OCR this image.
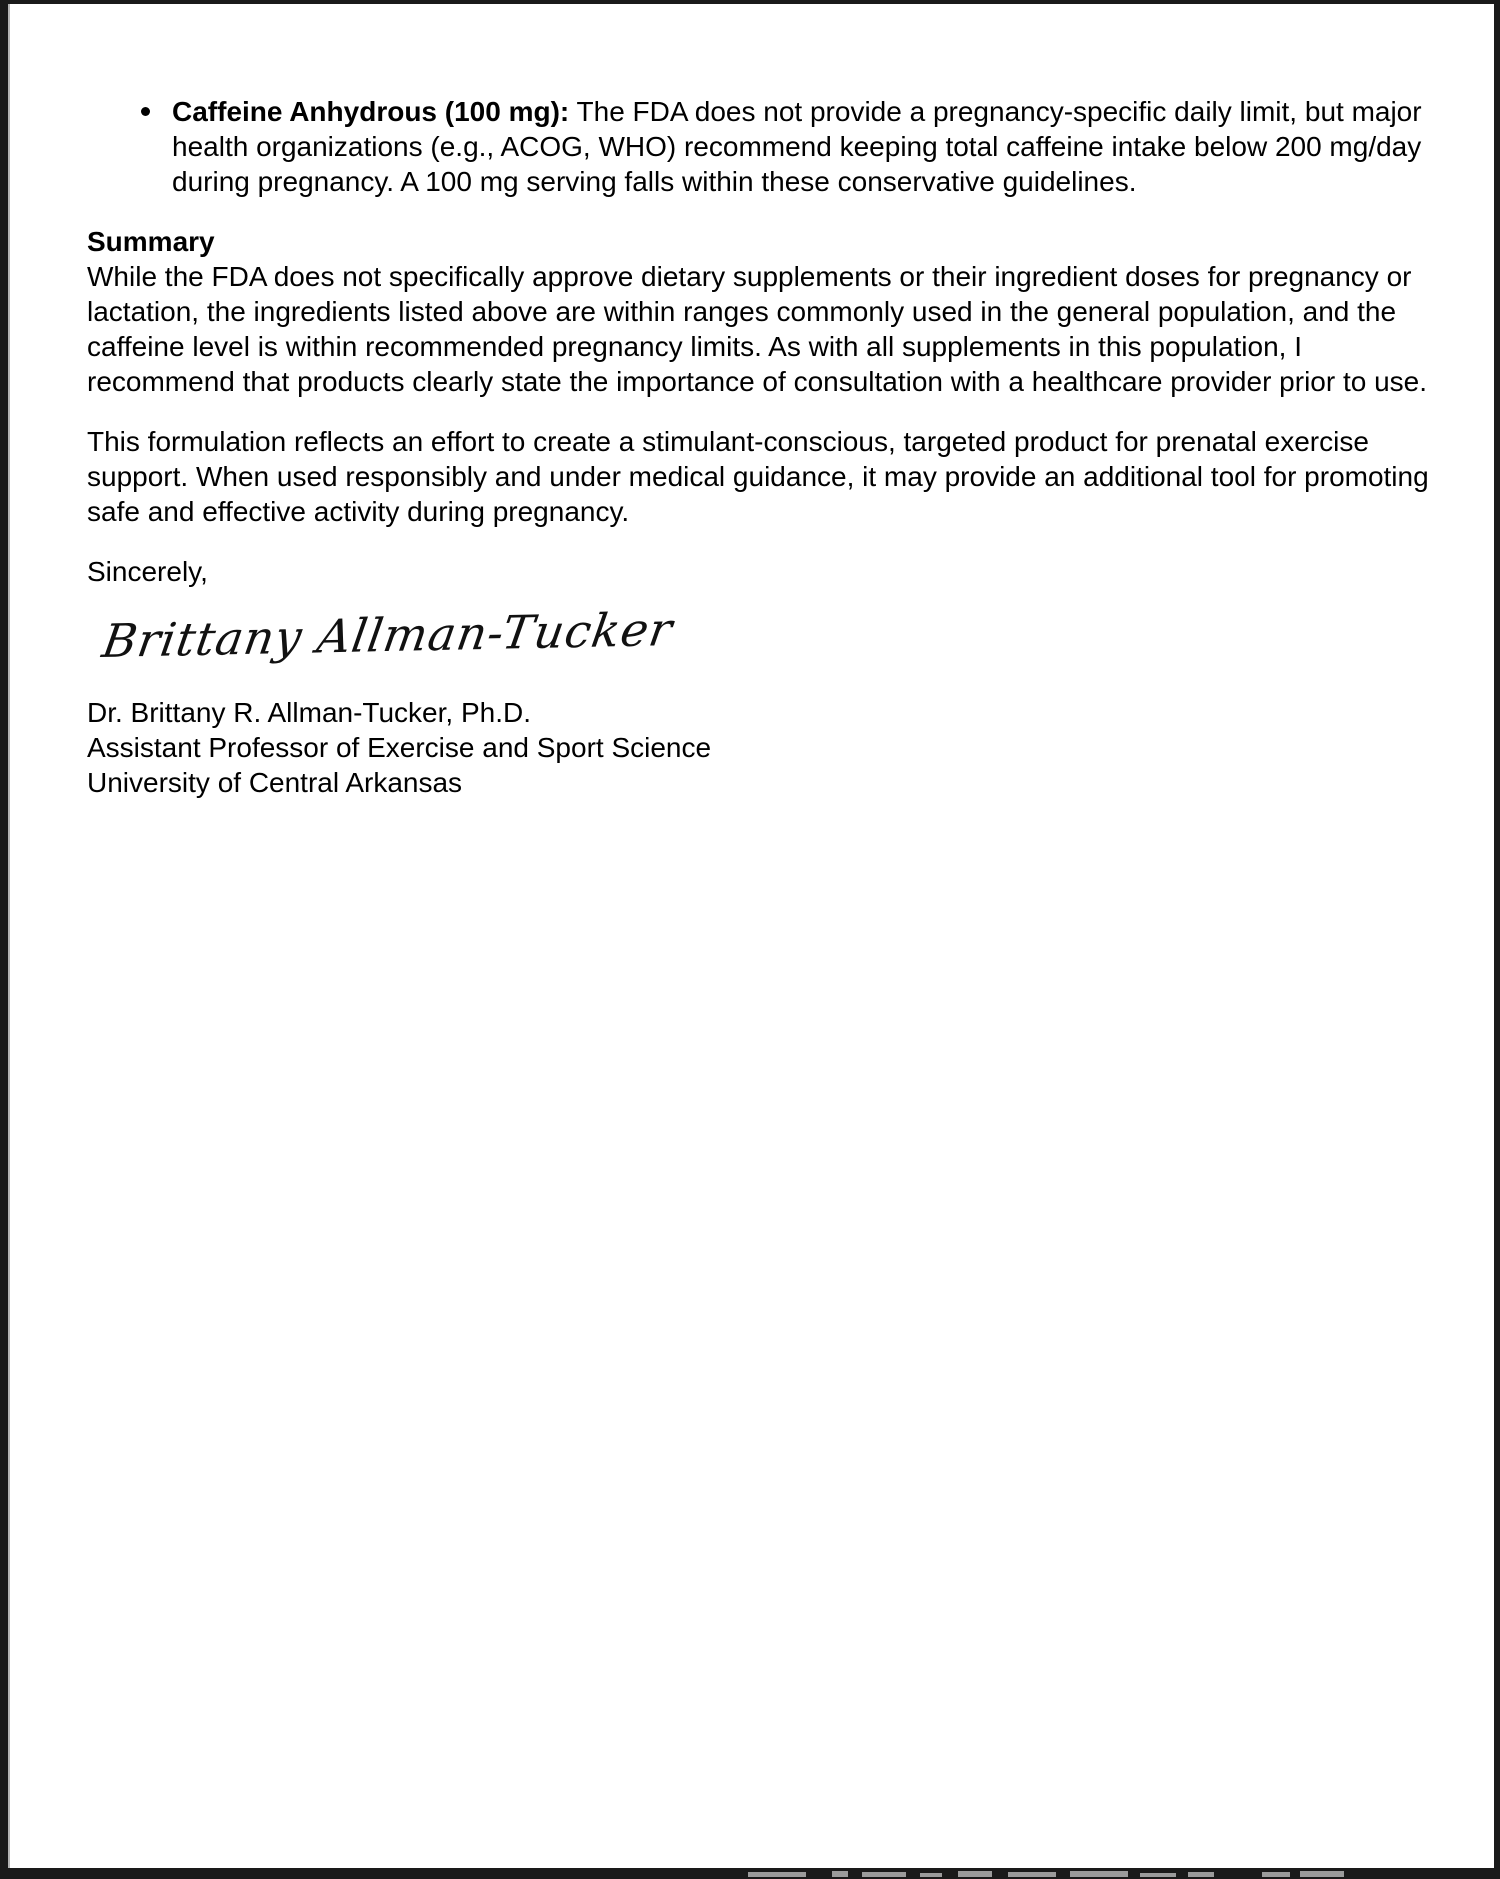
Caffeine Anhydrous (100 mg): The FDA does not provide a pregnancy-specific daily limit, but major health organizations (e.g., ACOG, WHO) recommend keeping total caffeine intake below 200 mg/day during pregnancy. A 100 mg serving falls within these conservative guidelines.
Summary

While the FDA does not specifically approve dietary supplements or their ingredient doses for pregnancy or lactation, the ingredients listed above are within ranges commonly used in the general population, and the caffeine level is within recommended pregnancy limits. As with all supplements in this population, I recommend that products clearly state the importance of consultation with a healthcare provider prior to use.

This formulation reflects an effort to create a stimulant-conscious, targeted product for prenatal exercise support. When used responsibly and under medical guidance, it may provide an additional tool for promoting safe and effective activity during pregnancy.

Sincerely,

Brittany Allman-Tucker
Dr. Brittany R. Allman-Tucker, Ph.D.
Assistant Professor of Exercise and Sport Science
University of Central Arkansas
